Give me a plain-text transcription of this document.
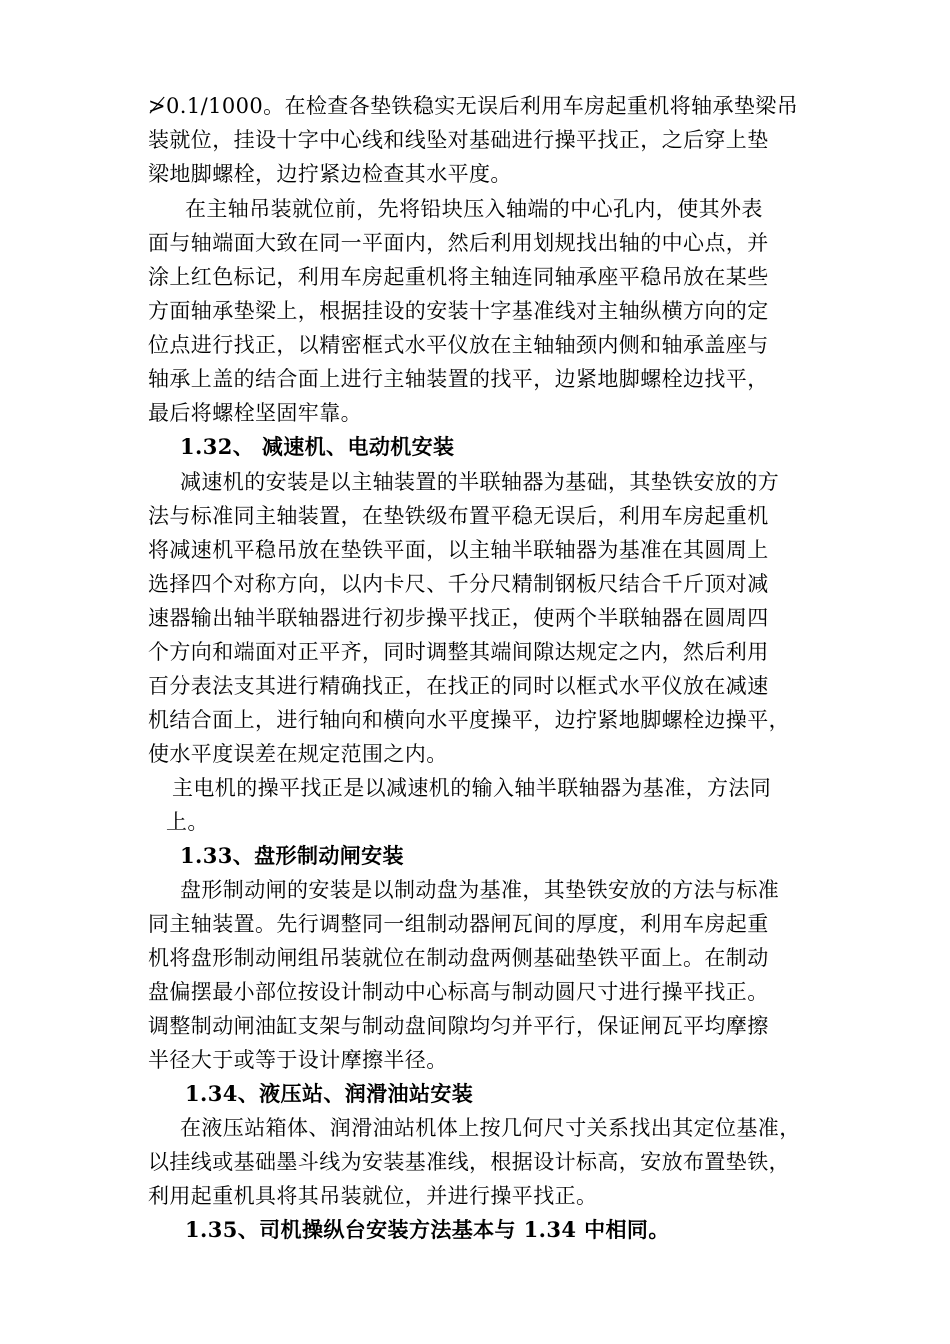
≯0.1/1000。在检查各垫铁稳实无误后利用车房起重机将轴承垫梁吊
装就位，挂设十字中心线和线坠对基础进行操平找正，之后穿上垫
梁地脚螺栓，边拧紧边检查其水平度。
在主轴吊装就位前，先将铅块压入轴端的中心孔内，使其外表
面与轴端面大致在同一平面内，然后利用划规找出轴的中心点，并
涂上红色标记，利用车房起重机将主轴连同轴承座平稳吊放在某些
方面轴承垫梁上，根据挂设的安装十字基准线对主轴纵横方向的定
位点进行找正，以精密框式水平仪放在主轴轴颈内侧和轴承盖座与
轴承上盖的结合面上进行主轴装置的找平，边紧地脚螺栓边找平，
最后将螺栓坚固牢靠。
1.32、 减速机、电动机安装
减速机的安装是以主轴装置的半联轴器为基础，其垫铁安放的方
法与标准同主轴装置，在垫铁级布置平稳无误后，利用车房起重机
将减速机平稳吊放在垫铁平面，以主轴半联轴器为基准在其圆周上
选择四个对称方向，以内卡尺、千分尺精制钢板尺结合千斤顶对减
速器输出轴半联轴器进行初步操平找正，使两个半联轴器在圆周四
个方向和端面对正平齐，同时调整其端间隙达规定之内，然后利用
百分表法支其进行精确找正，在找正的同时以框式水平仪放在减速
机结合面上，进行轴向和横向水平度操平，边拧紧地脚螺栓边操平，
使水平度误差在规定范围之内。
主电机的操平找正是以减速机的输入轴半联轴器为基准，方法同
上。
1.33、盘形制动闸安装
盘形制动闸的安装是以制动盘为基准，其垫铁安放的方法与标准
同主轴装置。先行调整同一组制动器闸瓦间的厚度，利用车房起重
机将盘形制动闸组吊装就位在制动盘两侧基础垫铁平面上。在制动
盘偏摆最小部位按设计制动中心标高与制动圆尺寸进行操平找正。
调整制动闸油缸支架与制动盘间隙均匀并平行，保证闸瓦平均摩擦
半径大于或等于设计摩擦半径。
1.34、液压站、润滑油站安装
在液压站箱体、润滑油站机体上按几何尺寸关系找出其定位基准，
以挂线或基础墨斗线为安装基准线，根据设计标高，安放布置垫铁，
利用起重机具将其吊装就位，并进行操平找正。
1.35、司机操纵台安装方法基本与 1.34 中相同。
